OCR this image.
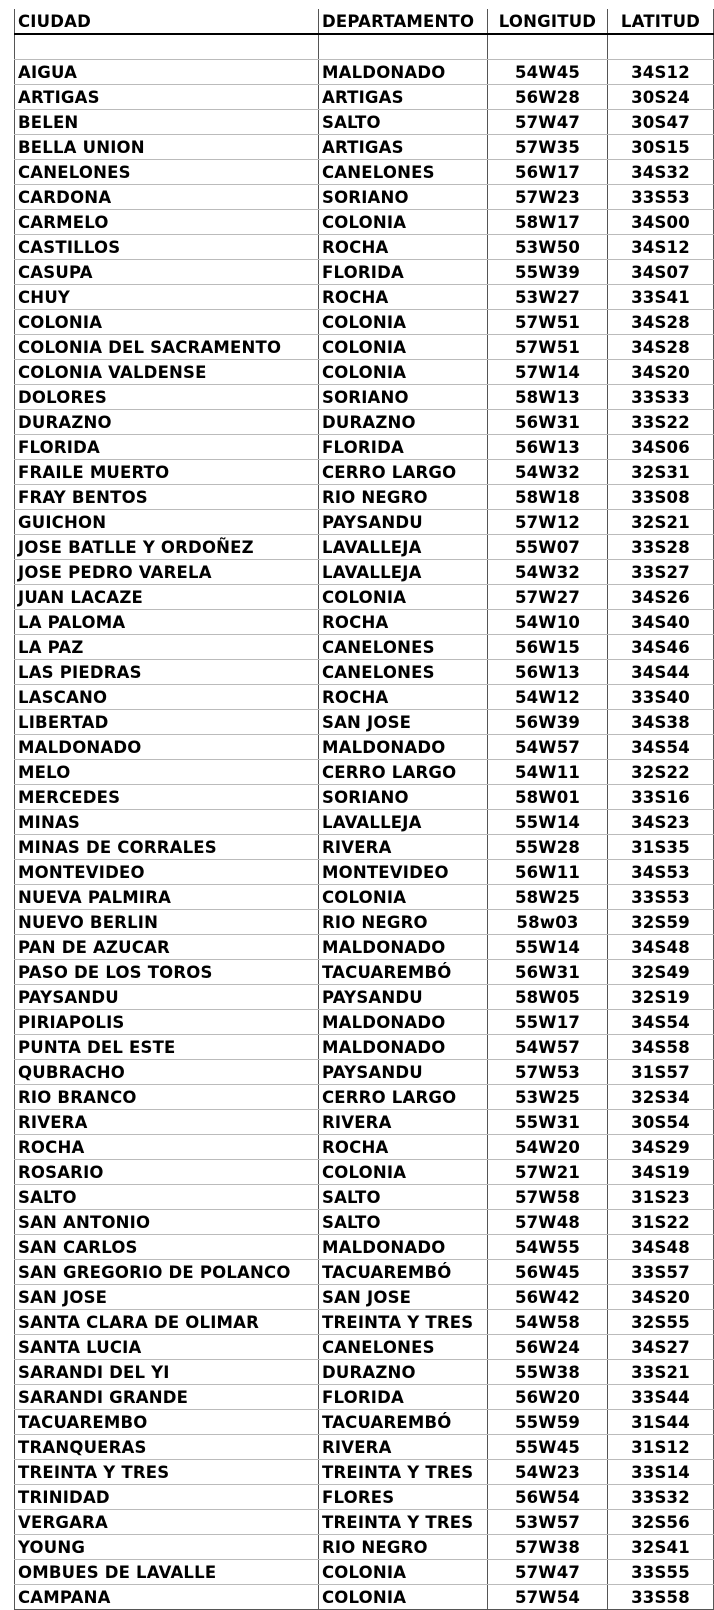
CIUDAD	DEPARTAMENTO	LONGITUD	LATITUD

AIGUA	MALDONADO	54W45	34S12
ARTIGAS	ARTIGAS	56W28	30S24
BELEN	SALTO	57W47	30S47
BELLA UNION	ARTIGAS	57W35	30S15
CANELONES	CANELONES	56W17	34S32
CARDONA	SORIANO	57W23	33S53
CARMELO	COLONIA	58W17	34S00
CASTILLOS	ROCHA	53W50	34S12
CASUPA	FLORIDA	55W39	34S07
CHUY	ROCHA	53W27	33S41
COLONIA	COLONIA	57W51	34S28
COLONIA DEL SACRAMENTO	COLONIA	57W51	34S28
COLONIA VALDENSE	COLONIA	57W14	34S20
DOLORES	SORIANO	58W13	33S33
DURAZNO	DURAZNO	56W31	33S22
FLORIDA	FLORIDA	56W13	34S06
FRAILE MUERTO	CERRO LARGO	54W32	32S31
FRAY BENTOS	RIO NEGRO	58W18	33S08
GUICHON	PAYSANDU	57W12	32S21
JOSE BATLLE Y ORDOÑEZ	LAVALLEJA	55W07	33S28
JOSE PEDRO VARELA	LAVALLEJA	54W32	33S27
JUAN LACAZE	COLONIA	57W27	34S26
LA PALOMA	ROCHA	54W10	34S40
LA PAZ	CANELONES	56W15	34S46
LAS PIEDRAS	CANELONES	56W13	34S44
LASCANO	ROCHA	54W12	33S40
LIBERTAD	SAN JOSE	56W39	34S38
MALDONADO	MALDONADO	54W57	34S54
MELO	CERRO LARGO	54W11	32S22
MERCEDES	SORIANO	58W01	33S16
MINAS	LAVALLEJA	55W14	34S23
MINAS DE CORRALES	RIVERA	55W28	31S35
MONTEVIDEO	MONTEVIDEO	56W11	34S53
NUEVA PALMIRA	COLONIA	58W25	33S53
NUEVO BERLIN	RIO NEGRO	58w03	32S59
PAN DE AZUCAR	MALDONADO	55W14	34S48
PASO DE LOS TOROS	TACUAREMBÓ	56W31	32S49
PAYSANDU	PAYSANDU	58W05	32S19
PIRIAPOLIS	MALDONADO	55W17	34S54
PUNTA DEL ESTE	MALDONADO	54W57	34S58
QUBRACHO	PAYSANDU	57W53	31S57
RIO BRANCO	CERRO LARGO	53W25	32S34
RIVERA	RIVERA	55W31	30S54
ROCHA	ROCHA	54W20	34S29
ROSARIO	COLONIA	57W21	34S19
SALTO	SALTO	57W58	31S23
SAN ANTONIO	SALTO	57W48	31S22
SAN CARLOS	MALDONADO	54W55	34S48
SAN GREGORIO DE POLANCO	TACUAREMBÓ	56W45	33S57
SAN JOSE	SAN JOSE	56W42	34S20
SANTA CLARA DE OLIMAR	TREINTA Y TRES	54W58	32S55
SANTA LUCIA	CANELONES	56W24	34S27
SARANDI DEL YI	DURAZNO	55W38	33S21
SARANDI GRANDE	FLORIDA	56W20	33S44
TACUAREMBO	TACUAREMBÓ	55W59	31S44
TRANQUERAS	RIVERA	55W45	31S12
TREINTA Y TRES	TREINTA Y TRES	54W23	33S14
TRINIDAD	FLORES	56W54	33S32
VERGARA	TREINTA Y TRES	53W57	32S56
YOUNG	RIO NEGRO	57W38	32S41
OMBUES DE LAVALLE	COLONIA	57W47	33S55
CAMPANA	COLONIA	57W54	33S58
